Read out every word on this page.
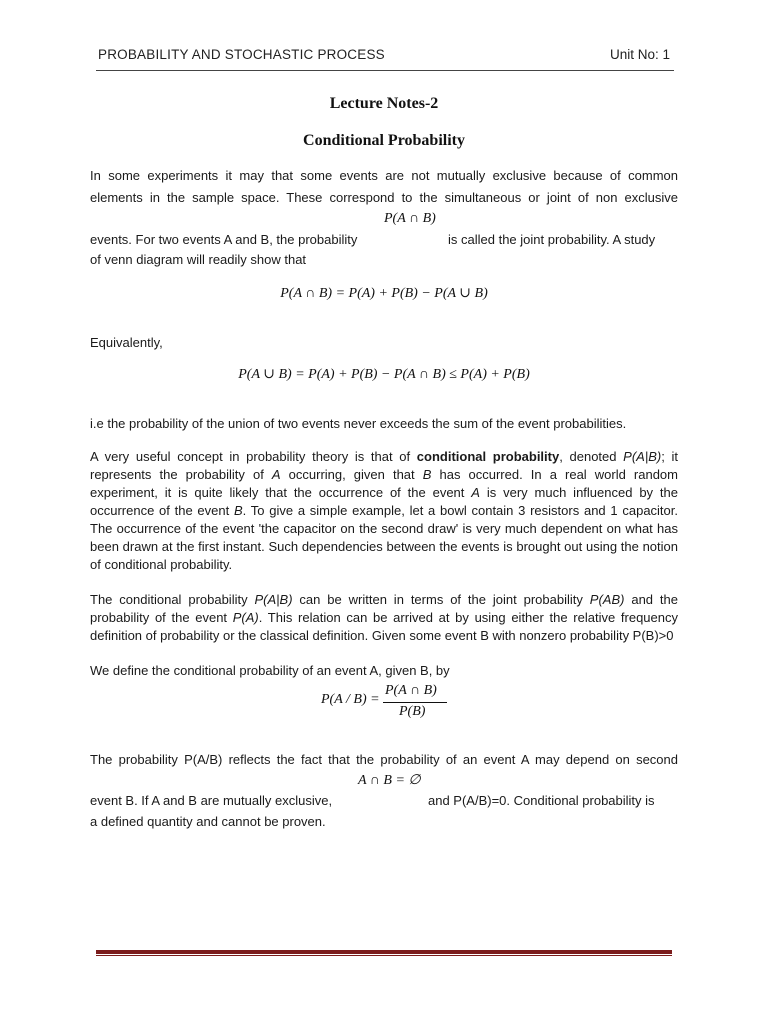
PROBABILITY AND STOCHASTIC PROCESS	Unit No: 1
Lecture Notes-2
Conditional Probability
In some experiments it may that some events are not mutually exclusive because of common
elements in the sample space. These correspond to the simultaneous or joint of non exclusive
P(A ∩ B)
events. For two events A and B, the probability	is called the joint probability. A study
of venn diagram will readily show that
P(A ∩ B) = P(A) + P(B) − P(A ∪ B)
Equivalently,
P(A ∪ B) = P(A) + P(B) − P(A ∩ B) ≤ P(A) + P(B)
i.e the probability of the union of two events never exceeds the sum of the event probabilities.
A very useful concept in probability theory is that of conditional probability, denoted P(A|B); it represents the probability of A occurring, given that B has occurred. In a real world random experiment, it is quite likely that the occurrence of the event A is very much influenced by the occurrence of the event B. To give a simple example, let a bowl contain 3 resistors and 1 capacitor. The occurrence of the event 'the capacitor on the second draw' is very much dependent on what has been drawn at the first instant. Such dependencies between the events is brought out using the notion of conditional probability.
The conditional probability P(A|B) can be written in terms of the joint probability P(AB) and the probability of the event P(A). This relation can be arrived at by using either the relative frequency definition of probability or the classical definition. Given some event B with nonzero probability P(B)>0
We define the conditional probability of an event A, given B, by
P(A / B) =
P(A ∩ B)
P(B)
The probability P(A/B) reflects the fact that the probability of an event A may depend on second
A ∩ B = ∅
event B. If A and B are mutually exclusive,	and P(A/B)=0. Conditional probability is
a defined quantity and cannot be proven.
